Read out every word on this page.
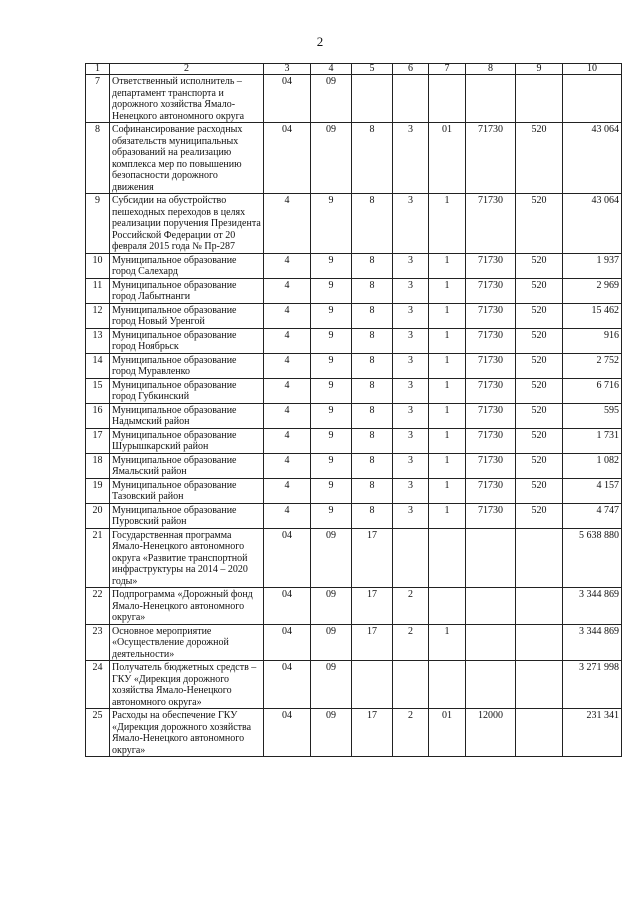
2
1	2	3	4	5	6	7	8	9	10
7	Ответственный исполнитель – департамент транспорта и дорожного хозяйства Ямало-Ненецкого автономного округа	04	09						
8	Софинансирование расходных обязательств муниципальных образований на реализацию комплекса мер по повышению безопасности дорожного движения	04	09	8	3	01	71730	520	43 064
9	Субсидии на обустройство пешеходных переходов в целях реализации поручения Президента Российской Федерации от 20 февраля 2015 года № Пр-287	4	9	8	3	1	71730	520	43 064
10	Муниципальное образование город Салехард	4	9	8	3	1	71730	520	1 937
11	Муниципальное образование город Лабытнанги	4	9	8	3	1	71730	520	2 969
12	Муниципальное образование город Новый Уренгой	4	9	8	3	1	71730	520	15 462
13	Муниципальное образование город Ноябрьск	4	9	8	3	1	71730	520	916
14	Муниципальное образование город Муравленко	4	9	8	3	1	71730	520	2 752
15	Муниципальное образование город Губкинский	4	9	8	3	1	71730	520	6 716
16	Муниципальное образование Надымский район	4	9	8	3	1	71730	520	595
17	Муниципальное образование Шурышкарский район	4	9	8	3	1	71730	520	1 731
18	Муниципальное образование Ямальский район	4	9	8	3	1	71730	520	1 082
19	Муниципальное образование Тазовский район	4	9	8	3	1	71730	520	4 157
20	Муниципальное образование Пуровский район	4	9	8	3	1	71730	520	4 747
21	Государственная программа Ямало-Ненецкого автономного округа «Развитие транспортной инфраструктуры на 2014 – 2020 годы»	04	09	17					5 638 880
22	Подпрограмма «Дорожный фонд Ямало-Ненецкого автономного округа»	04	09	17	2				3 344 869
23	Основное мероприятие «Осуществление дорожной деятельности»	04	09	17	2	1			3 344 869
24	Получатель бюджетных средств – ГКУ «Дирекция дорожного хозяйства Ямало-Ненецкого автономного округа»	04	09						3 271 998
25	Расходы на обеспечение ГКУ «Дирекция дорожного хозяйства Ямало-Ненецкого автономного округа»	04	09	17	2	01	12000		231 341
